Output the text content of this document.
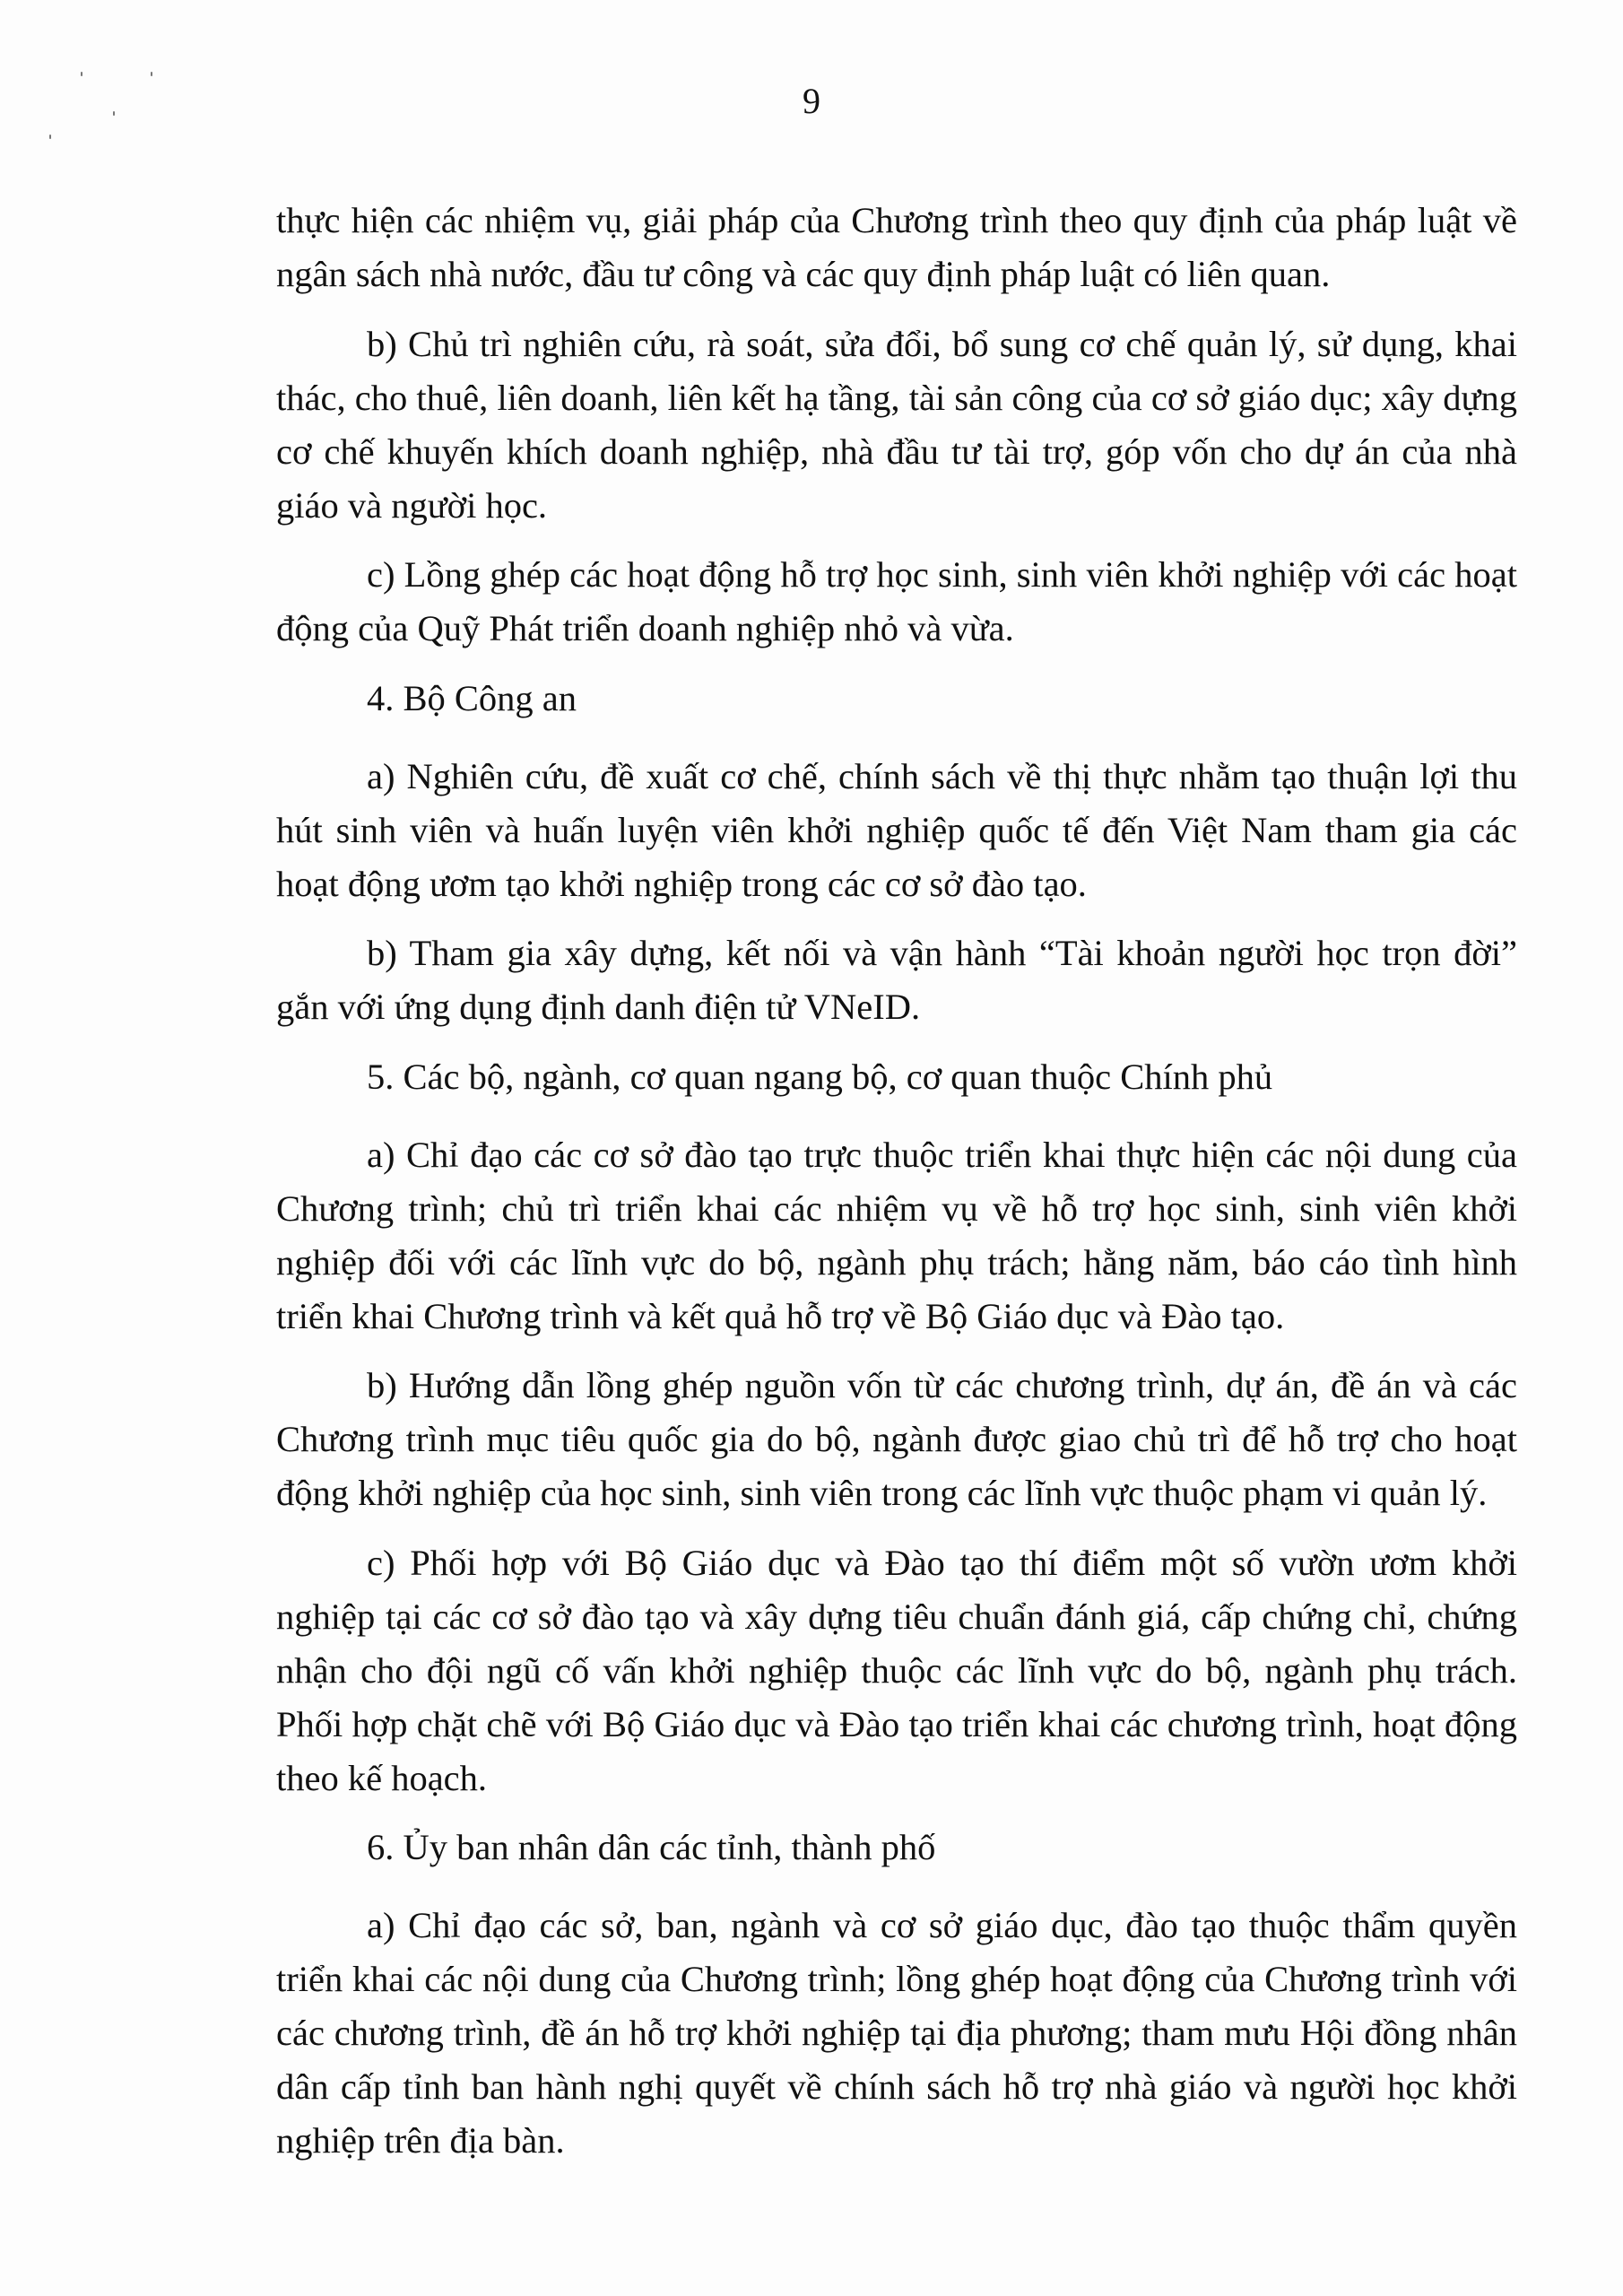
9

thực hiện các nhiệm vụ, giải pháp của Chương trình theo quy định của pháp luật về ngân sách nhà nước, đầu tư công và các quy định pháp luật có liên quan.

b) Chủ trì nghiên cứu, rà soát, sửa đổi, bổ sung cơ chế quản lý, sử dụng, khai thác, cho thuê, liên doanh, liên kết hạ tầng, tài sản công của cơ sở giáo dục; xây dựng cơ chế khuyến khích doanh nghiệp, nhà đầu tư tài trợ, góp vốn cho dự án của nhà giáo và người học.

c) Lồng ghép các hoạt động hỗ trợ học sinh, sinh viên khởi nghiệp với các hoạt động của Quỹ Phát triển doanh nghiệp nhỏ và vừa.

4. Bộ Công an

a) Nghiên cứu, đề xuất cơ chế, chính sách về thị thực nhằm tạo thuận lợi thu hút sinh viên và huấn luyện viên khởi nghiệp quốc tế đến Việt Nam tham gia các hoạt động ươm tạo khởi nghiệp trong các cơ sở đào tạo.

b) Tham gia xây dựng, kết nối và vận hành “Tài khoản người học trọn đời” gắn với ứng dụng định danh điện tử VNeID.

5. Các bộ, ngành, cơ quan ngang bộ, cơ quan thuộc Chính phủ

a) Chỉ đạo các cơ sở đào tạo trực thuộc triển khai thực hiện các nội dung của Chương trình; chủ trì triển khai các nhiệm vụ về hỗ trợ học sinh, sinh viên khởi nghiệp đối với các lĩnh vực do bộ, ngành phụ trách; hằng năm, báo cáo tình hình triển khai Chương trình và kết quả hỗ trợ về Bộ Giáo dục và Đào tạo.

b) Hướng dẫn lồng ghép nguồn vốn từ các chương trình, dự án, đề án và các Chương trình mục tiêu quốc gia do bộ, ngành được giao chủ trì để hỗ trợ cho hoạt động khởi nghiệp của học sinh, sinh viên trong các lĩnh vực thuộc phạm vi quản lý.

c) Phối hợp với Bộ Giáo dục và Đào tạo thí điểm một số vườn ươm khởi nghiệp tại các cơ sở đào tạo và xây dựng tiêu chuẩn đánh giá, cấp chứng chỉ, chứng nhận cho đội ngũ cố vấn khởi nghiệp thuộc các lĩnh vực do bộ, ngành phụ trách. Phối hợp chặt chẽ với Bộ Giáo dục và Đào tạo triển khai các chương trình, hoạt động theo kế hoạch.

6. Ủy ban nhân dân các tỉnh, thành phố

a) Chỉ đạo các sở, ban, ngành và cơ sở giáo dục, đào tạo thuộc thẩm quyền triển khai các nội dung của Chương trình; lồng ghép hoạt động của Chương trình với các chương trình, đề án hỗ trợ khởi nghiệp tại địa phương; tham mưu Hội đồng nhân dân cấp tỉnh ban hành nghị quyết về chính sách hỗ trợ nhà giáo và người học khởi nghiệp trên địa bàn.
